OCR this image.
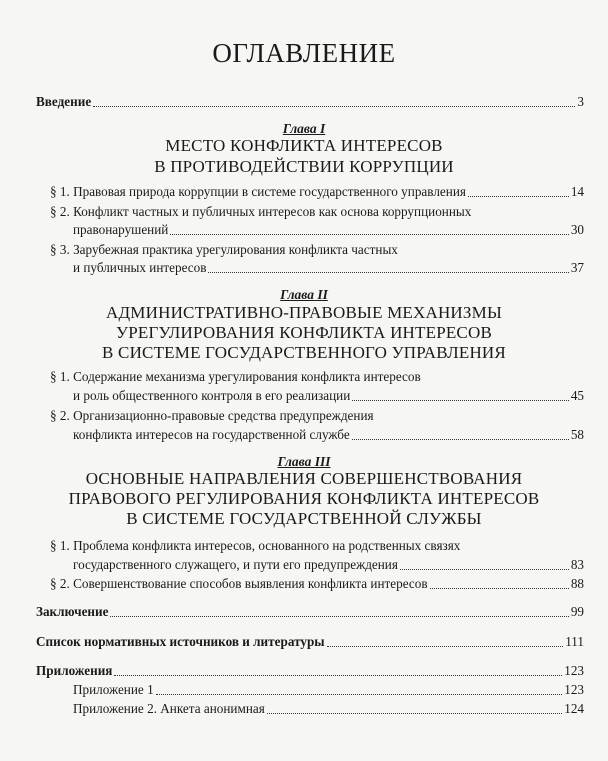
ОГЛАВЛЕНИЕ
Введение	3
Глава I
МЕСТО КОНФЛИКТА ИНТЕРЕСОВ
В ПРОТИВОДЕЙСТВИИ КОРРУПЦИИ
§ 1. Правовая природа коррупции в системе государственного управления	14
§ 2. Конфликт частных и публичных интересов как основа коррупционных
правонарушений	30
§ 3. Зарубежная практика урегулирования конфликта частных
и публичных интересов	37
Глава II
АДМИНИСТРАТИВНО-ПРАВОВЫЕ МЕХАНИЗМЫ
УРЕГУЛИРОВАНИЯ КОНФЛИКТА ИНТЕРЕСОВ
В СИСТЕМЕ ГОСУДАРСТВЕННОГО УПРАВЛЕНИЯ
§ 1. Содержание механизма урегулирования конфликта интересов
и роль общественного контроля в его реализации	45
§ 2. Организационно-правовые средства предупреждения
конфликта интересов на государственной службе	58
Глава III
ОСНОВНЫЕ НАПРАВЛЕНИЯ СОВЕРШЕНСТВОВАНИЯ
ПРАВОВОГО РЕГУЛИРОВАНИЯ КОНФЛИКТА ИНТЕРЕСОВ
В СИСТЕМЕ ГОСУДАРСТВЕННОЙ СЛУЖБЫ
§ 1. Проблема конфликта интересов, основанного на родственных связях
государственного служащего, и пути его предупреждения	83
§ 2. Совершенствование способов выявления конфликта интересов	88
Заключение	99
Список нормативных источников и литературы	111
Приложения	123
Приложение 1	123
Приложение 2. Анкета анонимная	124
